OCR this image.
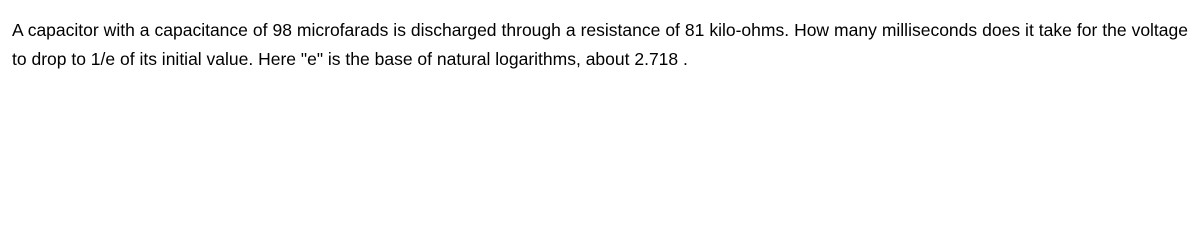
A capacitor with a capacitance of 98 microfarads is discharged through a resistance of 81 kilo-ohms. How many milliseconds does it take for the voltage to drop to 1/e of its initial value. Here "e" is the base of natural logarithms, about 2.718 .
